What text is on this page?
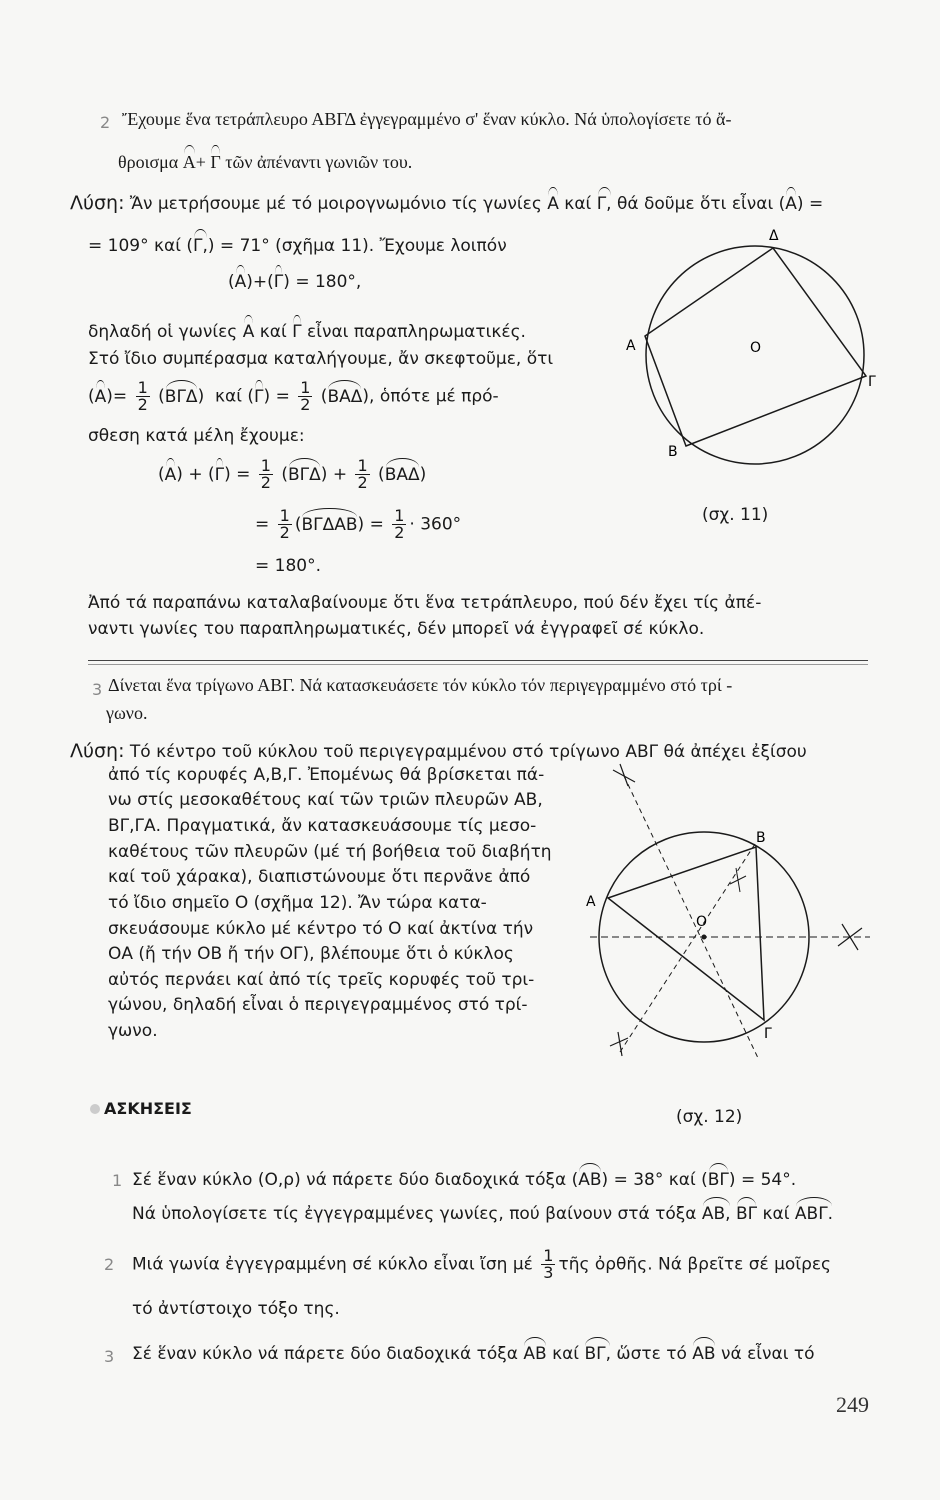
2 Ἔχουμε ἕνα τετράπλευρο ΑΒΓΔ ἐγγεγραμμένο σ' ἕναν κύκλο. Νά ὑπολογίσετε τό ἄ-
θροισμα Α+ Γ τῶν ἀπέναντι γωνιῶν του.
Λύση: Ἄν μετρήσουμε μέ τό μοιρογνωμόνιο τίς γωνίες Α καί Γ, θά δοῦμε ὅτι εἶναι (Α) =
= 109° καί (Γ,) = 71° (σχῆμα 11). Ἔχουμε λοιπόν
(Α)+(Γ) = 180°,
δηλαδή οἱ γωνίες Α καί Γ εἶναι παραπληρωματικές.
Στό ἴδιο συμπέρασμα καταλήγουμε, ἄν σκεφτοῦμε, ὅτι
$(A)= \frac{1}{2} (B\Gamma\Delta)$  καί $(\Gamma) = \frac{1}{2} (BA\Delta)$, ὁπότε μέ πρό-
σθεση κατά μέλη ἔχουμε:
$(A) + (\Gamma) = \frac{1}{2} (B\Gamma\Delta) + \frac{1}{2} (BA\Delta)$
= $\frac{1}{2} (B\Gamma\Delta AB) = \frac{1}{2} \cdot 360^\circ$
= 180°.
Ἀπό τά παραπάνω καταλαβαίνουμε ὅτι ἕνα τετράπλευρο, πού δέν ἔχει τίς ἀπέ-
ναντι γωνίες του παραπληρωματικές, δέν μπορεῖ νά ἐγγραφεῖ σέ κύκλο.
Δ
Α
Γ
Β
Ο
(σχ. 11)
3 Δίνεται ἕνα τρίγωνο ΑΒΓ. Νά κατασκευάσετε τόν κύκλο τόν περιγεγραμμένο στό τρί -
γωνο.
Λύση: Τό κέντρο τοῦ κύκλου τοῦ περιγεγραμμένου στό τρίγωνο ΑΒΓ θά ἀπέχει ἐξίσου
ἀπό τίς κορυφές Α,Β,Γ. Ἐπομένως θά βρίσκεται πά-
νω στίς μεσοκαθέτους καί τῶν τριῶν πλευρῶν ΑΒ,
ΒΓ,ΓΑ. Πραγματικά, ἄν κατασκευάσουμε τίς μεσο-
καθέτους τῶν πλευρῶν (μέ τή βοήθεια τοῦ διαβήτη
καί τοῦ χάρακα), διαπιστώνουμε ὅτι περνᾶνε ἀπό
τό ἴδιο σημεῖο Ο (σχῆμα 12). Ἄν τώρα κατα-
σκευάσουμε κύκλο μέ κέντρο τό Ο καί ἀκτίνα τήν
ΟΑ (ἤ τήν ΟΒ ἤ τήν ΟΓ), βλέπουμε ὅτι ὁ κύκλος
αὐτός περνάει καί ἀπό τίς τρεῖς κορυφές τοῦ τρι-
γώνου, δηλαδή εἶναι ὁ περιγεγραμμένος στό τρί-
γωνο.
Α
Β
Γ
Ο
(σχ. 12)
ΑΣΚΗΣΕΙΣ
1 Σέ ἕναν κύκλο (Ο,ρ) νά πάρετε δύο διαδοχικά τόξα (ΑΒ) = 38° καί (ΒΓ) = 54°.
Νά ὑπολογίσετε τίς ἐγγεγραμμένες γωνίες, πού βαίνουν στά τόξα ΑΒ, ΒΓ καί ΑΒΓ.
2 Μιά γωνία ἐγγεγραμμένη σέ κύκλο εἶναι ἴση μέ $\frac{1}{3}$ τῆς ὀρθῆς. Νά βρεῖτε σέ μοῖρες
τό ἀντίστοιχο τόξο της.
3 Σέ ἕναν κύκλο νά πάρετε δύο διαδοχικά τόξα ΑΒ καί ΒΓ, ὥστε τό ΑΒ νά εἶναι τό
249
